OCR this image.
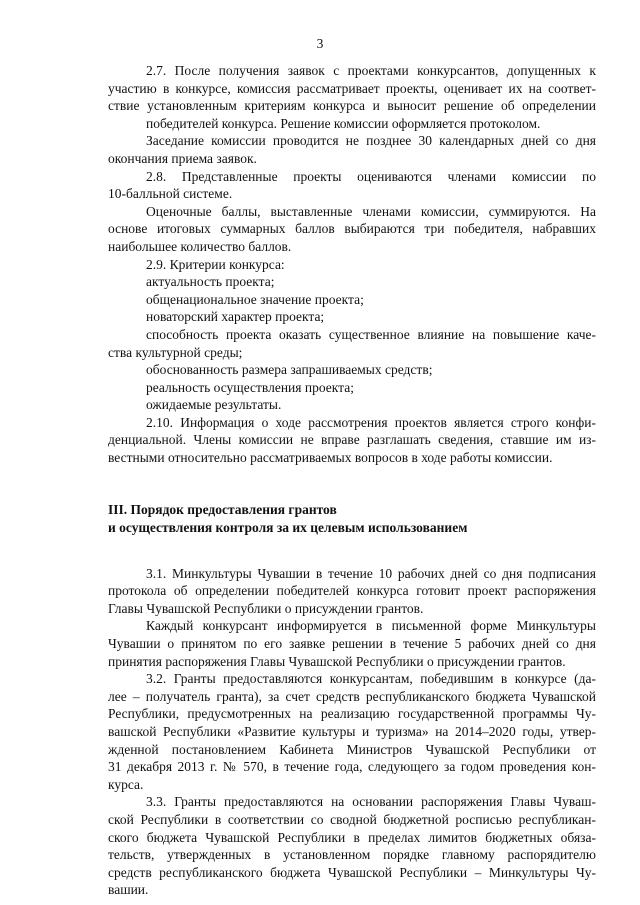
3

2.7. После получения заявок с проектами конкурсантов, допущенных к

участию в конкурсе, комиссия рассматривает проекты, оценивает их на соответ-

ствие установленным критериям конкурса и выносит решение об определении

победителей конкурса. Решение комиссии оформляется протоколом.

Заседание комиссии проводится не позднее 30 календарных дней со дня

окончания приема заявок.

2.8. Представленные проекты оцениваются членами комиссии по

10-балльной системе.

Оценочные баллы, выставленные членами комиссии, суммируются. На

основе итоговых суммарных баллов выбираются три победителя, набравших

наибольшее количество баллов.

2.9. Критерии конкурса:

актуальность проекта;

общенациональное значение проекта;

новаторский характер проекта;

способность проекта оказать существенное влияние на повышение каче-

ства культурной среды;

обоснованность размера запрашиваемых средств;

реальность осуществления проекта;

ожидаемые результаты.

2.10. Информация о ходе рассмотрения проектов является строго конфи-

денциальной. Члены комиссии не вправе разглашать сведения, ставшие им из-

вестными относительно рассматриваемых вопросов в ходе работы комиссии.

III. Порядок предоставления грантов

и осуществления контроля за их целевым использованием

3.1. Минкультуры Чувашии в течение 10 рабочих дней со дня подписания

протокола об определении победителей конкурса готовит проект распоряжения

Главы Чувашской Республики о присуждении грантов.

Каждый конкурсант информируется в письменной форме Минкультуры

Чувашии о принятом по его заявке решении в течение 5 рабочих дней со дня

принятия распоряжения Главы Чувашской Республики о присуждении грантов.

3.2. Гранты предоставляются конкурсантам, победившим в конкурсе (да-

лее – получатель гранта), за счет средств республиканского бюджета Чувашской

Республики, предусмотренных на реализацию государственной программы Чу-

вашской Республики «Развитие культуры и туризма» на 2014–2020 годы, утвер-

жденной постановлением Кабинета Министров Чувашской Республики от

31 декабря 2013 г. № 570, в течение года, следующего за годом проведения кон-

курса.

3.3. Гранты предоставляются на основании распоряжения Главы Чуваш-

ской Республики в соответствии со сводной бюджетной росписью республикан-

ского бюджета Чувашской Республики в пределах лимитов бюджетных обяза-

тельств, утвержденных в установленном порядке главному распорядителю

средств республиканского бюджета Чувашской Республики – Минкультуры Чу-

вашии.
